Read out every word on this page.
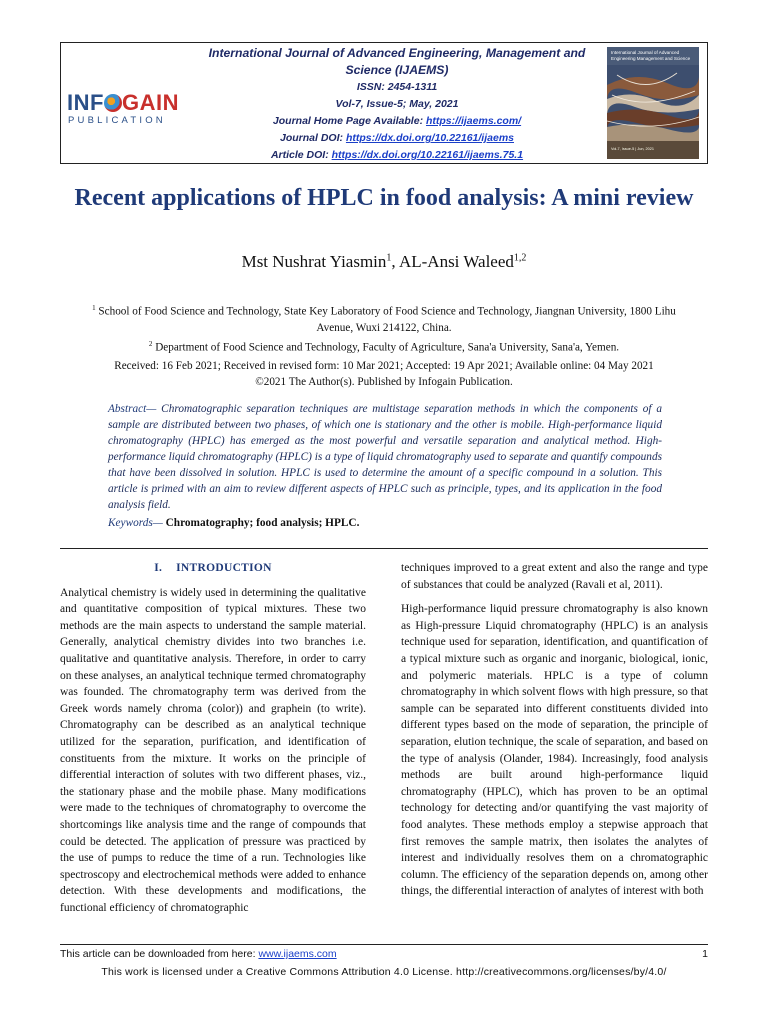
INF GAIN
PUBLICATION
International Journal of Advanced Engineering, Management and Science (IJAEMS)
ISSN: 2454-1311
Vol-7, Issue-5; May, 2021
Journal Home Page Available: https://ijaems.com/
Journal DOI: https://dx.doi.org/10.22161/ijaems
Article DOI: https://dx.doi.org/10.22161/ijaems.75.1
International Journal of Advanced Engineering Management and Science
Vol-7, Issue-5 | Jun, 2021
Recent applications of HPLC in food analysis: A mini review
Mst Nushrat Yiasmin$^1$, AL-Ansi Waleed$^{1,2}$
$^1$ School of Food Science and Technology, State Key Laboratory of Food Science and Technology, Jiangnan University, 1800 Lihu Avenue, Wuxi 214122, China.
$^2$ Department of Food Science and Technology, Faculty of Agriculture, Sana'a University, Sana'a, Yemen.
Received: 16 Feb 2021; Received in revised form: 10 Mar 2021; Accepted: 19 Apr 2021; Available online: 04 May 2021
©2021 The Author(s). Published by Infogain Publication.
Abstract— Chromatographic separation techniques are multistage separation methods in which the components of a sample are distributed between two phases, of which one is stationary and the other is mobile. High-performance liquid chromatography (HPLC) has emerged as the most powerful and versatile separation and analytical method. High-performance liquid chromatography (HPLC) is a type of liquid chromatography used to separate and quantify compounds that have been dissolved in solution. HPLC is used to determine the amount of a specific compound in a solution. This article is primed with an aim to review different aspects of HPLC such as principle, types, and its application in the food analysis field.
Keywords— Chromatography; food analysis; HPLC.
I. INTRODUCTION

Analytical chemistry is widely used in determining the qualitative and quantitative composition of typical mixtures. These two methods are the main aspects to understand the sample material. Generally, analytical chemistry divides into two branches i.e. qualitative and quantitative analysis. Therefore, in order to carry on these analyses, an analytical technique termed chromatography was founded. The chromatography term was derived from the Greek words namely chroma (color)) and graphein (to write). Chromatography can be described as an analytical technique utilized for the separation, purification, and identification of constituents from the mixture. It works on the principle of differential interaction of solutes with two different phases, viz., the stationary phase and the mobile phase. Many modifications were made to the techniques of chromatography to overcome the shortcomings like analysis time and the range of compounds that could be detected. The application of pressure was practiced by the use of pumps to reduce the time of a run. Technologies like spectroscopy and electrochemical methods were added to enhance detection. With these developments and modifications, the functional efficiency of chromatographic

techniques improved to a great extent and also the range and type of substances that could be analyzed (Ravali et al, 2011).

High-performance liquid pressure chromatography is also known as High-pressure Liquid chromatography (HPLC) is an analysis technique used for separation, identification, and quantification of a typical mixture such as organic and inorganic, biological, ionic, and polymeric materials. HPLC is a type of column chromatography in which solvent flows with high pressure, so that sample can be separated into different constituents divided into different types based on the mode of separation, the principle of separation, elution technique, the scale of separation, and based on the type of analysis (Olander, 1984). Increasingly, food analysis methods are built around high-performance liquid chromatography (HPLC), which has proven to be an optimal technology for detecting and/or quantifying the vast majority of food analytes. These methods employ a stepwise approach that first removes the sample matrix, then isolates the analytes of interest and individually resolves them on a chromatographic column. The efficiency of the separation depends on, among other things, the differential interaction of analytes of interest with both

This article can be downloaded from here: www.ijaems.com	1
This work is licensed under a Creative Commons Attribution 4.0 License. http://creativecommons.org/licenses/by/4.0/
